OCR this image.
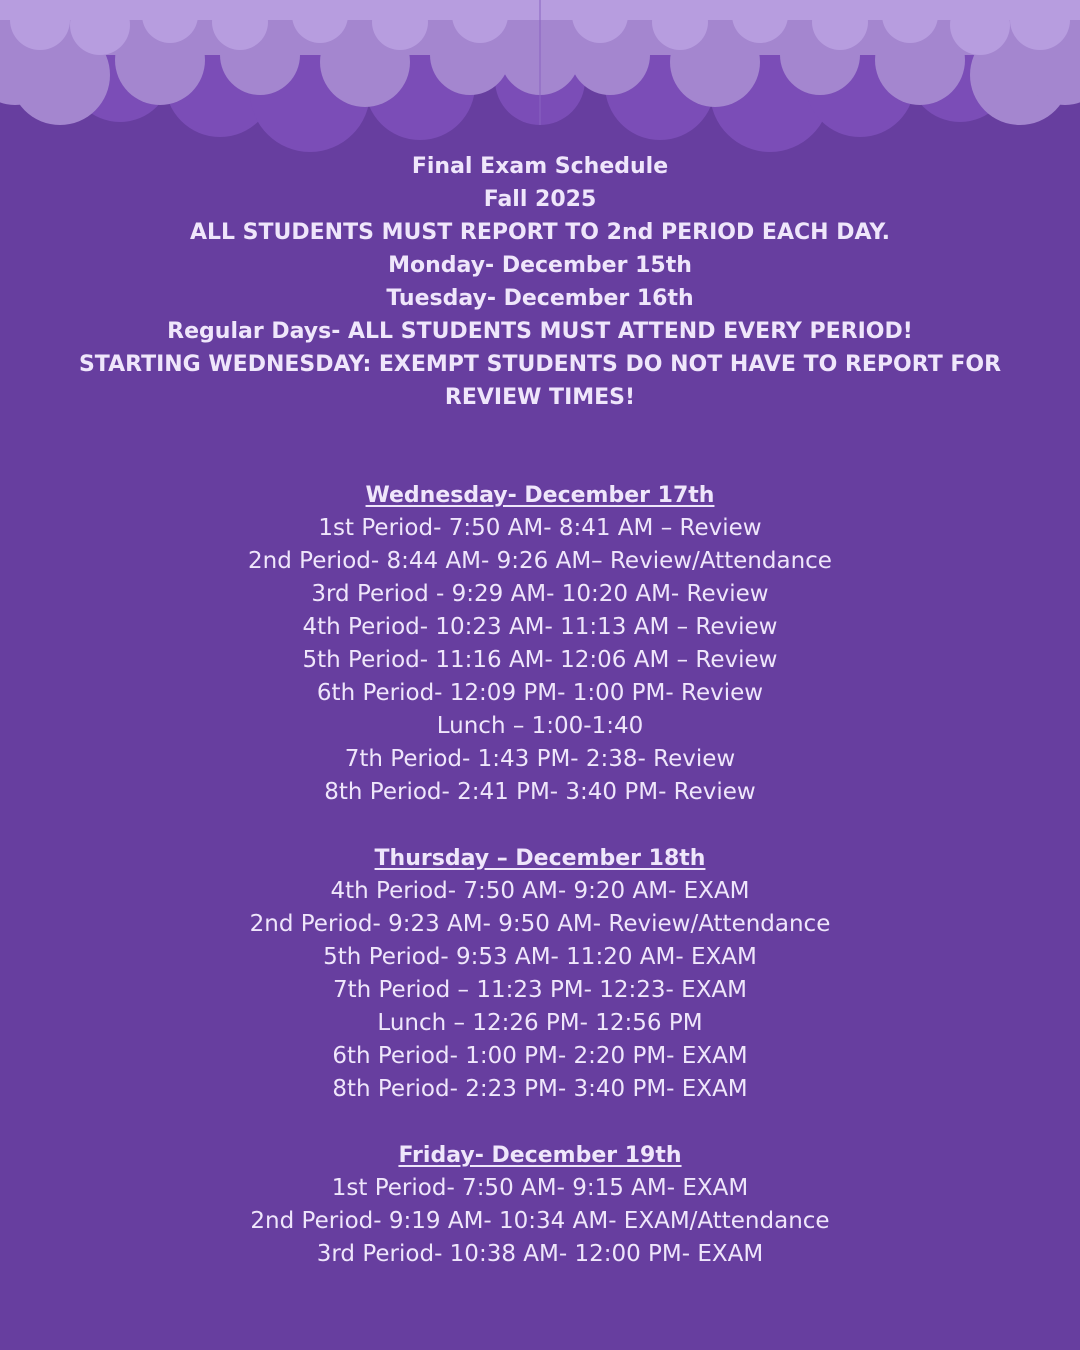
Final Exam Schedule
Fall 2025
ALL STUDENTS MUST REPORT TO 2nd PERIOD EACH DAY.
Monday- December 15th
Tuesday- December 16th
Regular Days- ALL STUDENTS MUST ATTEND EVERY PERIOD!
STARTING WEDNESDAY: EXEMPT STUDENTS DO NOT HAVE TO REPORT FOR REVIEW TIMES!
Wednesday- December 17th
1st Period- 7:50 AM- 8:41 AM – Review
2nd Period- 8:44 AM- 9:26 AM– Review/Attendance
3rd Period - 9:29 AM- 10:20 AM- Review
4th Period- 10:23 AM- 11:13 AM – Review
5th Period- 11:16 AM- 12:06 AM – Review
6th Period- 12:09 PM- 1:00 PM- Review
Lunch – 1:00-1:40
7th Period- 1:43 PM- 2:38- Review
8th Period- 2:41 PM- 3:40 PM- Review
Thursday – December 18th
4th Period- 7:50 AM- 9:20 AM- EXAM
2nd Period- 9:23 AM- 9:50 AM- Review/Attendance
5th Period- 9:53 AM- 11:20 AM- EXAM
7th Period – 11:23 PM- 12:23- EXAM
Lunch – 12:26 PM- 12:56 PM
6th Period- 1:00 PM- 2:20 PM- EXAM
8th Period- 2:23 PM- 3:40 PM- EXAM
Friday- December 19th
1st Period- 7:50 AM- 9:15 AM- EXAM
2nd Period- 9:19 AM- 10:34 AM- EXAM/Attendance
3rd Period- 10:38 AM- 12:00 PM- EXAM
